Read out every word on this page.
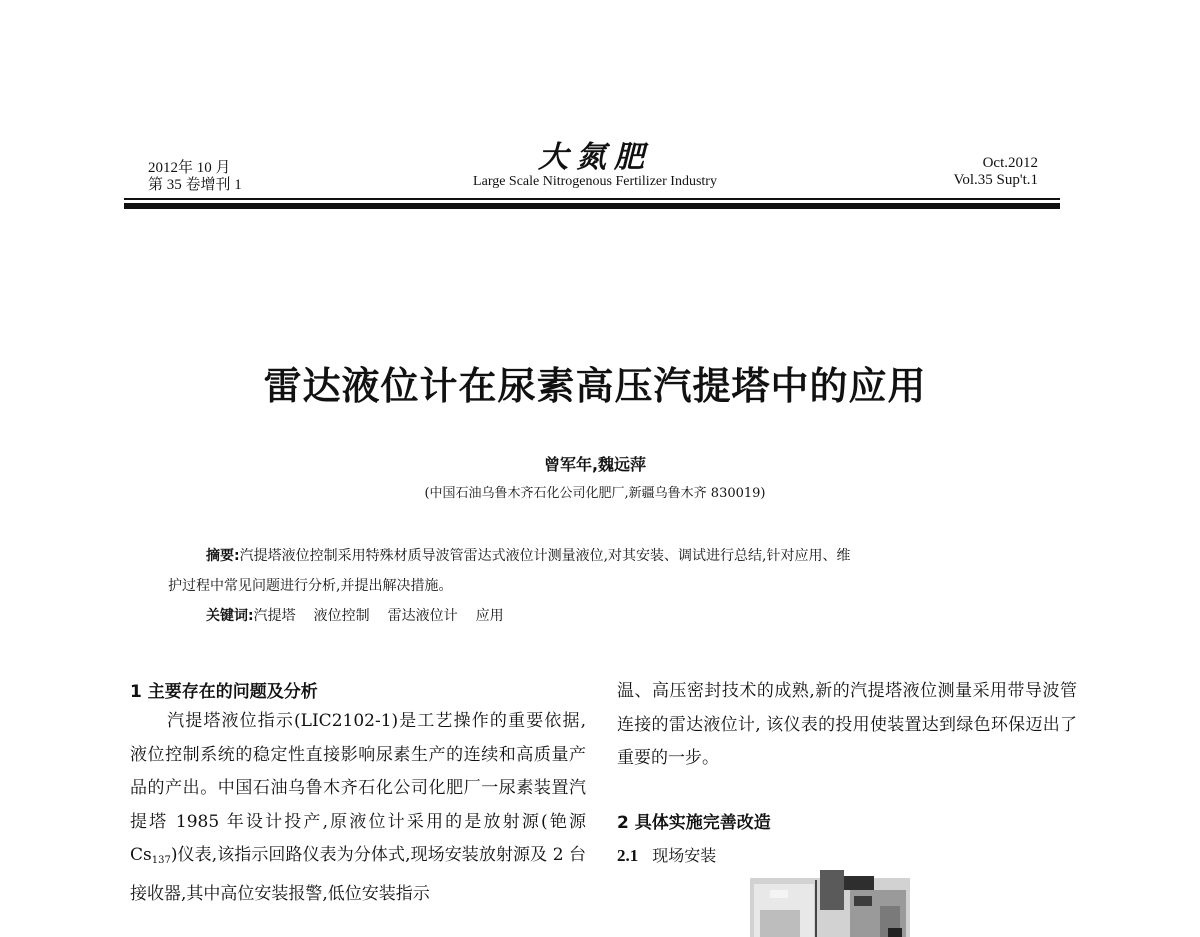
2012年 10 月
第 35 卷增刊 1
大氮肥
Large Scale Nitrogenous Fertilizer Industry
Oct.2012
Vol.35 Sup't.1
雷达液位计在尿素高压汽提塔中的应用
曾军年,魏远萍
(中国石油乌鲁木齐石化公司化肥厂,新疆乌鲁木齐 830019)
摘要:汽提塔液位控制采用特殊材质导波管雷达式液位计测量液位,对其安装、调试进行总结,针对应用、维
护过程中常见问题进行分析,并提出解决措施。
关键词:汽提塔 液位控制 雷达液位计 应用
1 主要存在的问题及分析
汽提塔液位指示(LIC2102-1)是工艺操作的重要依据, 液位控制系统的稳定性直接影响尿素生产的连续和高质量产品的产出。中国石油乌鲁木齐石化公司化肥厂一尿素装置汽提塔 1985 年设计投产,原液位计采用的是放射源(铯源 $Cs_{137}$)仪表,该指示回路仪表为分体式,现场安装放射源及 2 台接收器,其中高位安装报警,低位安装指示
温、高压密封技术的成熟,新的汽提塔液位测量采用带导波管连接的雷达液位计, 该仪表的投用使装置达到绿色环保迈出了重要的一步。
2 具体实施完善改造
2.1 现场安装
